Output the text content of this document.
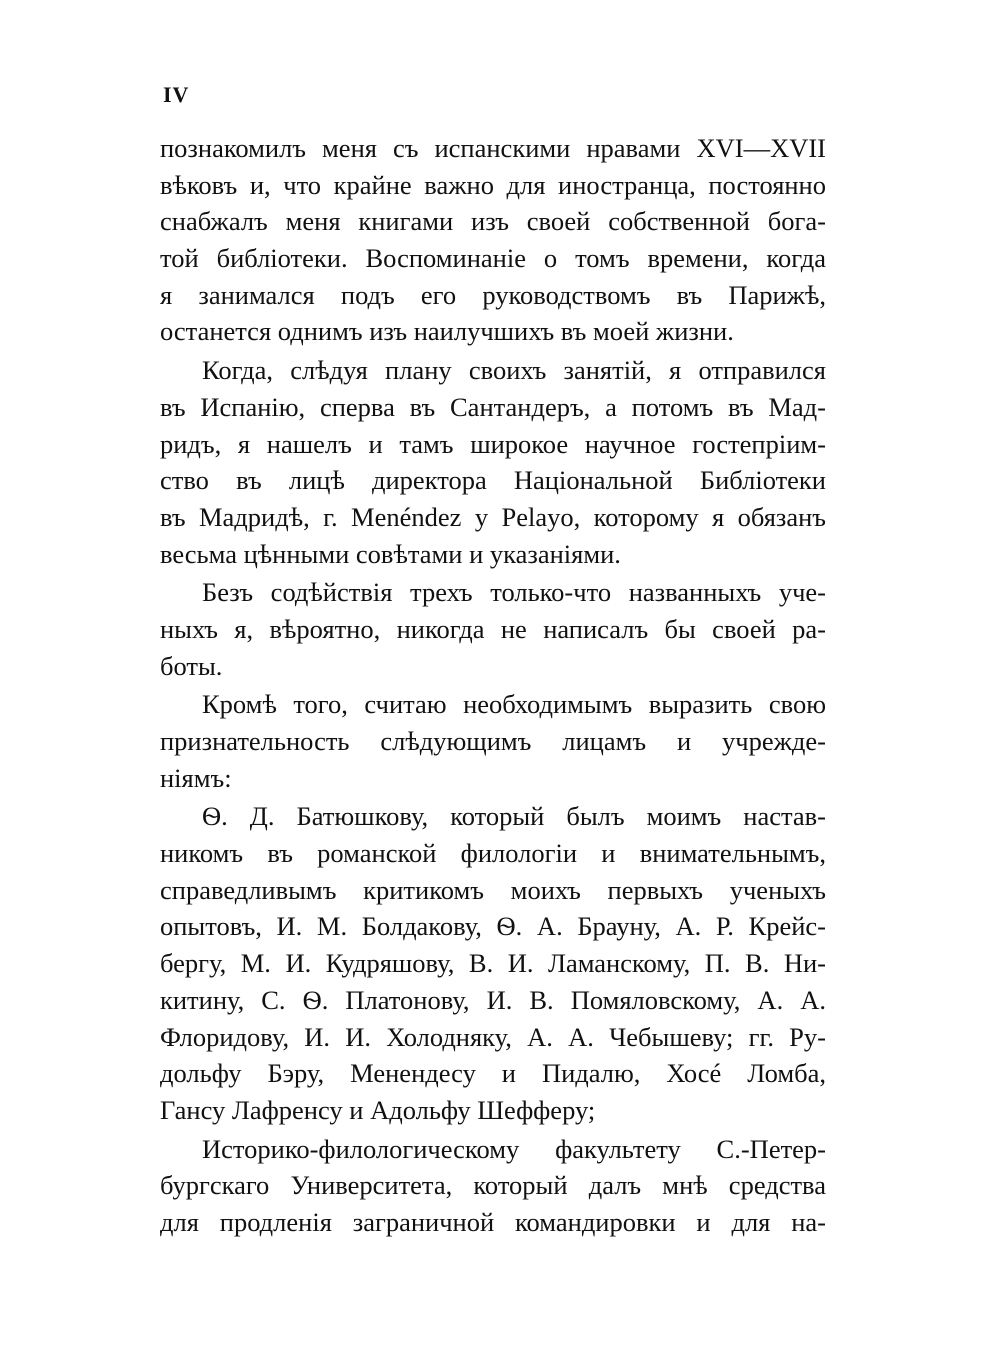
IV
познакомилъ меня съ испанскими нравами XVI—XVII
вѣковъ и, что крайне важно для иностранца, постоянно
снабжалъ меня книгами изъ своей собственной бога-
той библіотеки. Воспоминаніе о томъ времени, когда
я занимался подъ его руководствомъ въ Парижѣ,
останется однимъ изъ наилучшихъ въ моей жизни.
Когда, слѣдуя плану своихъ занятій, я отправился
въ Испанію, сперва въ Сантандеръ, а потомъ въ Мад-
ридъ, я нашелъ и тамъ широкое научное гостепріим-
ство въ лицѣ директора Національной Библіотеки
въ Мадридѣ, г. Menéndez y Pelayo, которому я обязанъ
весьма цѣнными совѣтами и указаніями.
Безъ содѣйствія трехъ только-что названныхъ уче-
ныхъ я, вѣроятно, никогда не написалъ бы своей ра-
боты.
Кромѣ того, считаю необходимымъ выразить свою
признательность слѣдующимъ лицамъ и учрежде-
ніямъ:
Ѳ. Д. Батюшкову, который былъ моимъ настав-
никомъ въ романской филологіи и внимательнымъ,
справедливымъ критикомъ моихъ первыхъ ученыхъ
опытовъ, И. М. Болдакову, Ѳ. А. Брауну, А. Р. Крейс-
бергу, М. И. Кудряшову, В. И. Ламанскому, П. В. Ни-
китину, С. Ѳ. Платонову, И. В. Помяловскому, А. А.
Флоридову, И. И. Холодняку, А. А. Чебышеву; гг. Ру-
дольфу Бэру, Менендесу и Пидалю, Хосé Ломба,
Гансу Лафренсу и Адольфу Шефферу;
Историко-филологическому факультету С.-Петер-
бургскаго Университета, который далъ мнѣ средства
для продленія заграничной командировки и для на-
